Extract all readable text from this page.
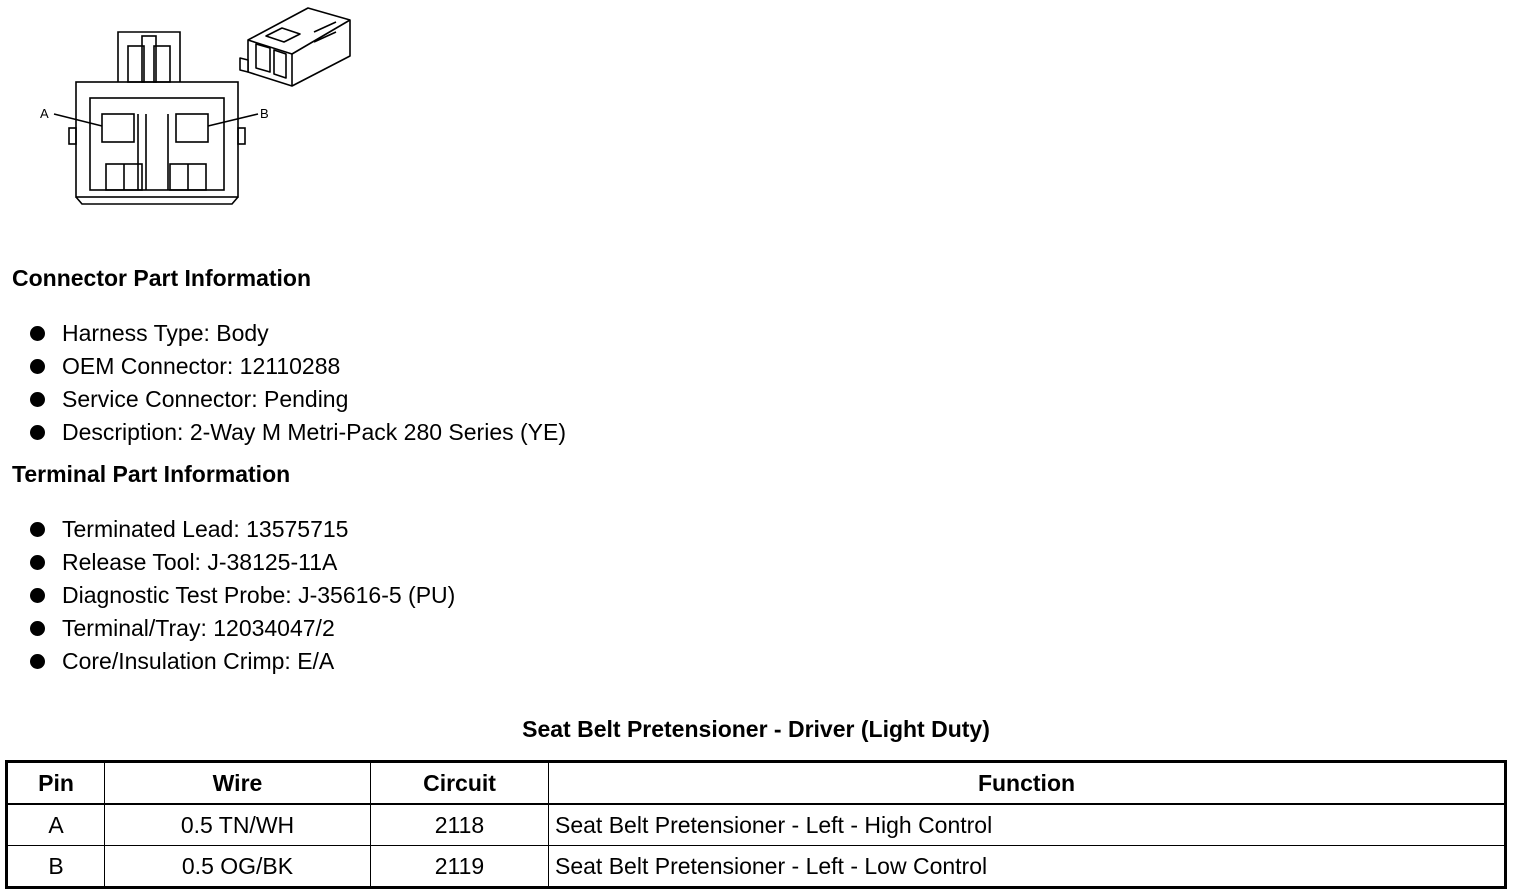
A	B
Connector Part Information
Harness Type: Body
OEM Connector: 12110288
Service Connector: Pending
Description: 2-Way M Metri-Pack 280 Series (YE)
Terminal Part Information
Terminated Lead: 13575715
Release Tool: J-38125-11A
Diagnostic Test Probe: J-35616-5 (PU)
Terminal/Tray: 12034047/2
Core/Insulation Crimp: E/A
Seat Belt Pretensioner - Driver (Light Duty)
Pin	Wire	Circuit	Function
A	0.5 TN/WH	2118	Seat Belt Pretensioner - Left - High Control
B	0.5 OG/BK	2119	Seat Belt Pretensioner - Left - Low Control
